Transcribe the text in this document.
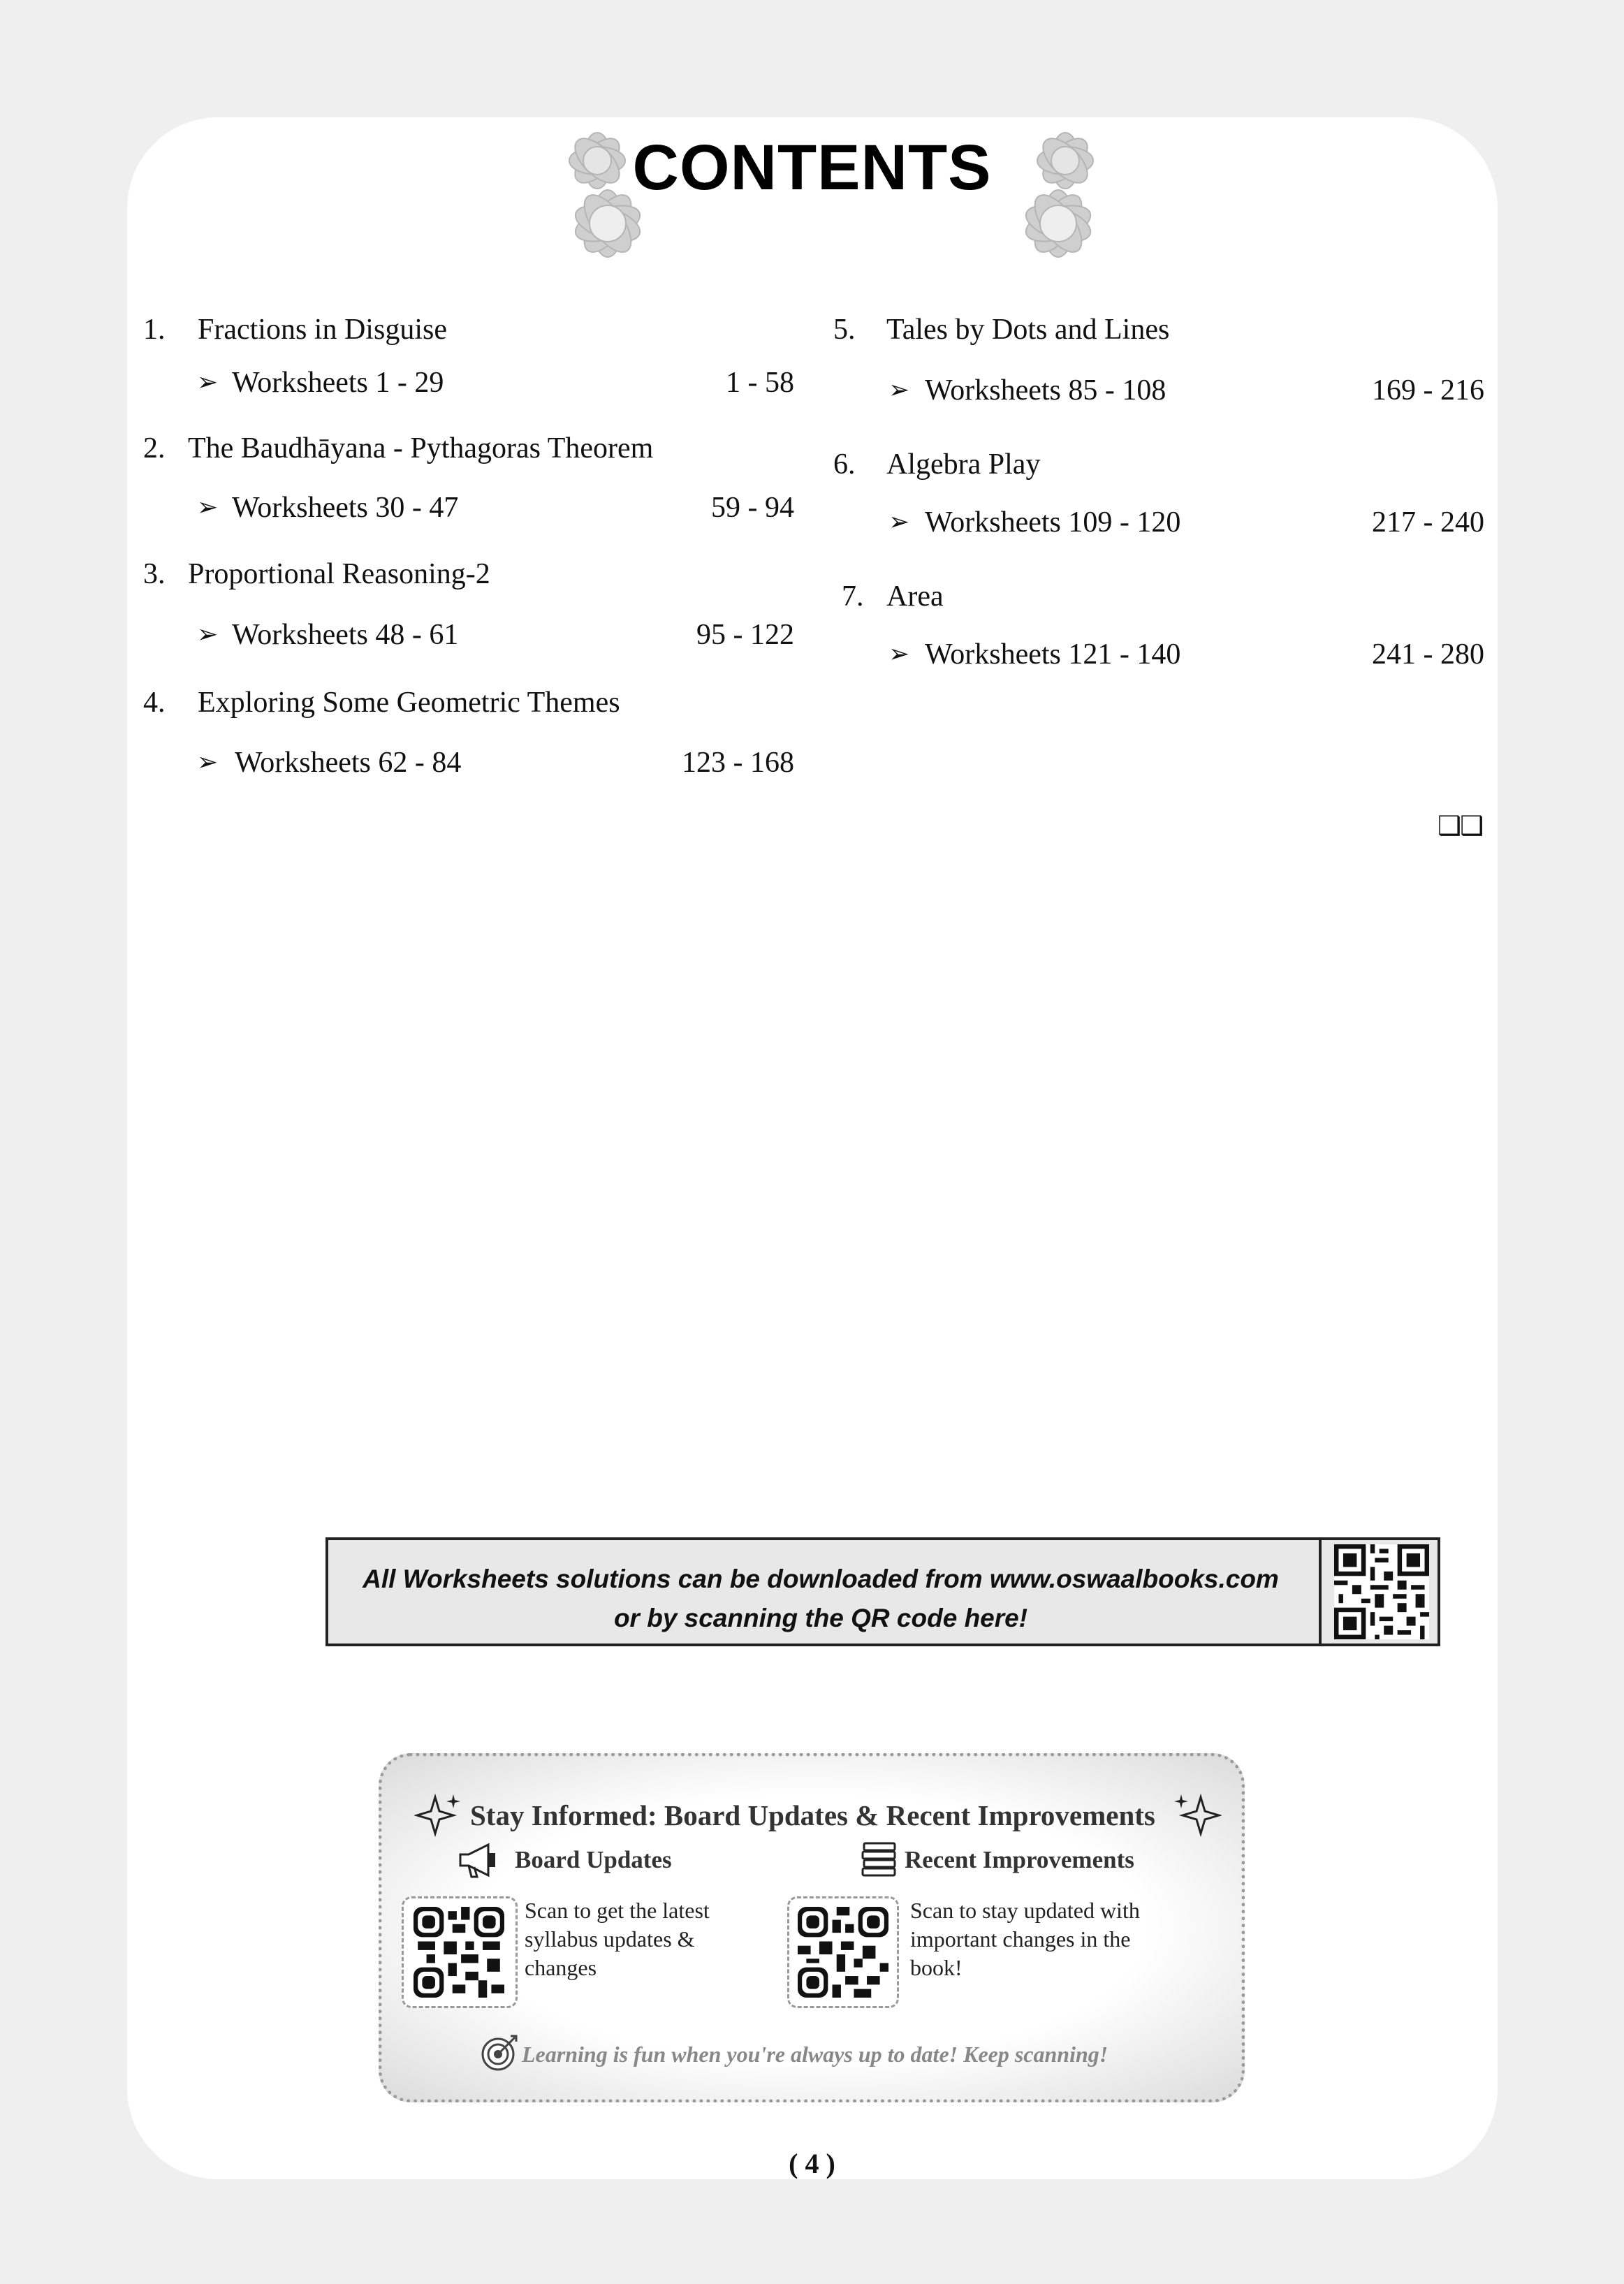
CONTENTS
1. Fractions in Disguise
➢ Worksheets 1 - 29	1 - 58
2. The Baudhāyana - Pythagoras Theorem
➢ Worksheets 30 - 47	59 - 94
3. Proportional Reasoning-2
➢ Worksheets 48 - 61	95 - 122
4. Exploring Some Geometric Themes
➢ Worksheets 62 - 84	123 - 168
5. Tales by Dots and Lines
➢ Worksheets 85 - 108	169 - 216
6. Algebra Play
➢ Worksheets 109 - 120	217 - 240
7. Area
➢ Worksheets 121 - 140	241 - 280
❑❑
All Worksheets solutions can be downloaded from www.oswaalbooks.com
or by scanning the QR code here!
Stay Informed: Board Updates & Recent Improvements
Board Updates	Recent Improvements
Scan to get the latest syllabus updates & changes
Scan to stay updated with important changes in the book!
Learning is fun when you're always up to date! Keep scanning!
( 4 )
